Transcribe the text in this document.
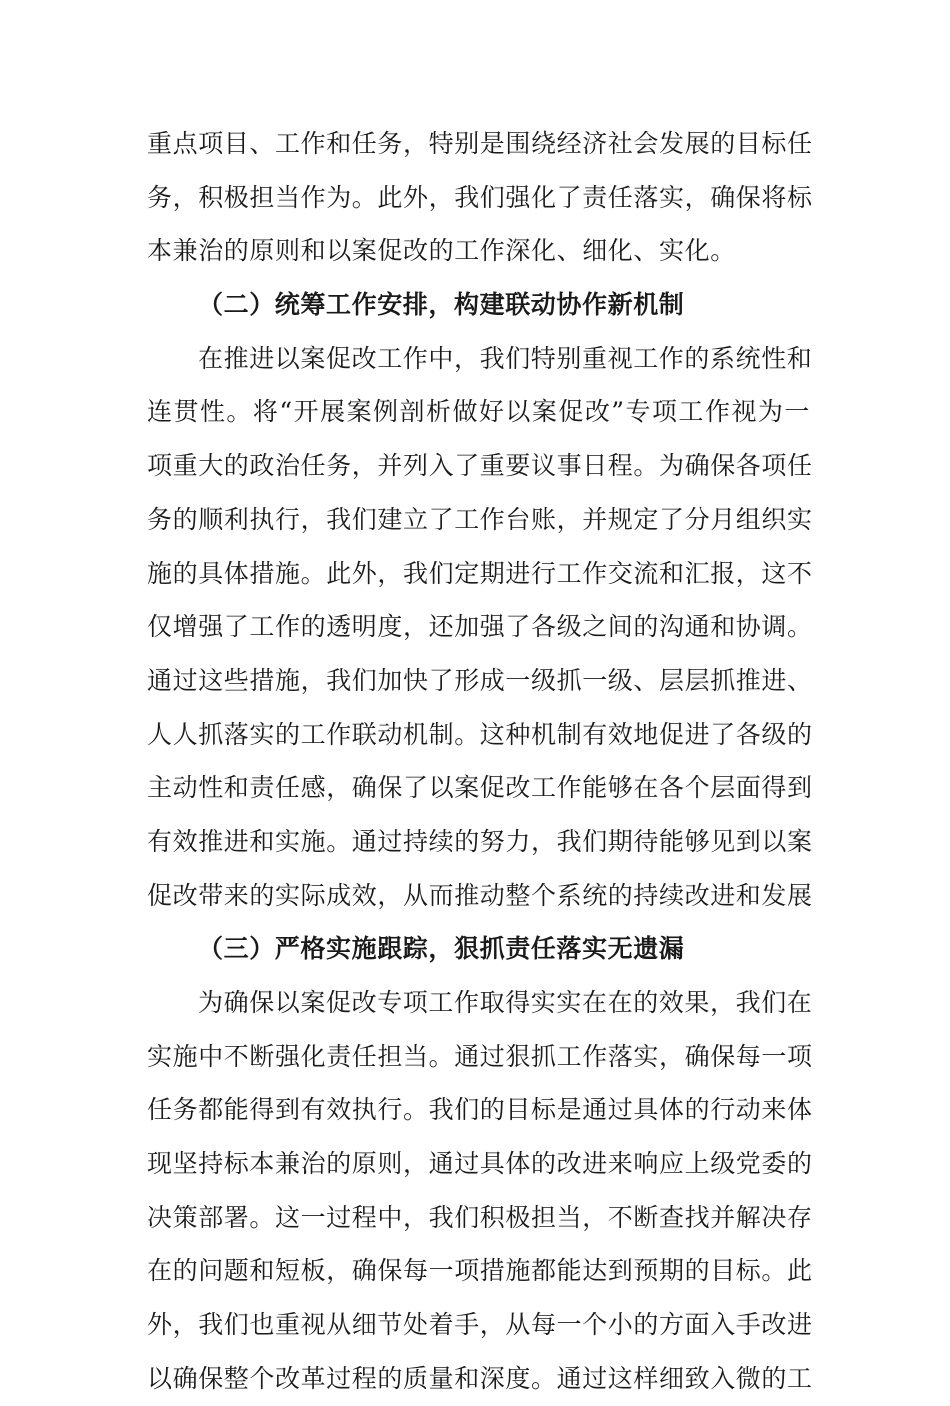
重点项目、工作和任务，特别是围绕经济社会发展的目标任
务，积极担当作为。此外，我们强化了责任落实，确保将标
本兼治的原则和以案促改的工作深化、细化、实化。
（二）统筹工作安排，构建联动协作新机制
在推进以案促改工作中，我们特别重视工作的系统性和
连贯性。将“开展案例剖析做好以案促改”专项工作视为一
项重大的政治任务，并列入了重要议事日程。为确保各项任
务的顺利执行，我们建立了工作台账，并规定了分月组织实
施的具体措施。此外，我们定期进行工作交流和汇报，这不
仅增强了工作的透明度，还加强了各级之间的沟通和协调。
通过这些措施，我们加快了形成一级抓一级、层层抓推进、
人人抓落实的工作联动机制。这种机制有效地促进了各级的
主动性和责任感，确保了以案促改工作能够在各个层面得到
有效推进和实施。通过持续的努力，我们期待能够见到以案
促改带来的实际成效，从而推动整个系统的持续改进和发展
（三）严格实施跟踪，狠抓责任落实无遗漏
为确保以案促改专项工作取得实实在在的效果，我们在
实施中不断强化责任担当。通过狠抓工作落实，确保每一项
任务都能得到有效执行。我们的目标是通过具体的行动来体
现坚持标本兼治的原则，通过具体的改进来响应上级党委的
决策部署。这一过程中，我们积极担当，不断查找并解决存
在的问题和短板，确保每一项措施都能达到预期的目标。此
外，我们也重视从细节处着手，从每一个小的方面入手改进
以确保整个改革过程的质量和深度。通过这样细致入微的工
